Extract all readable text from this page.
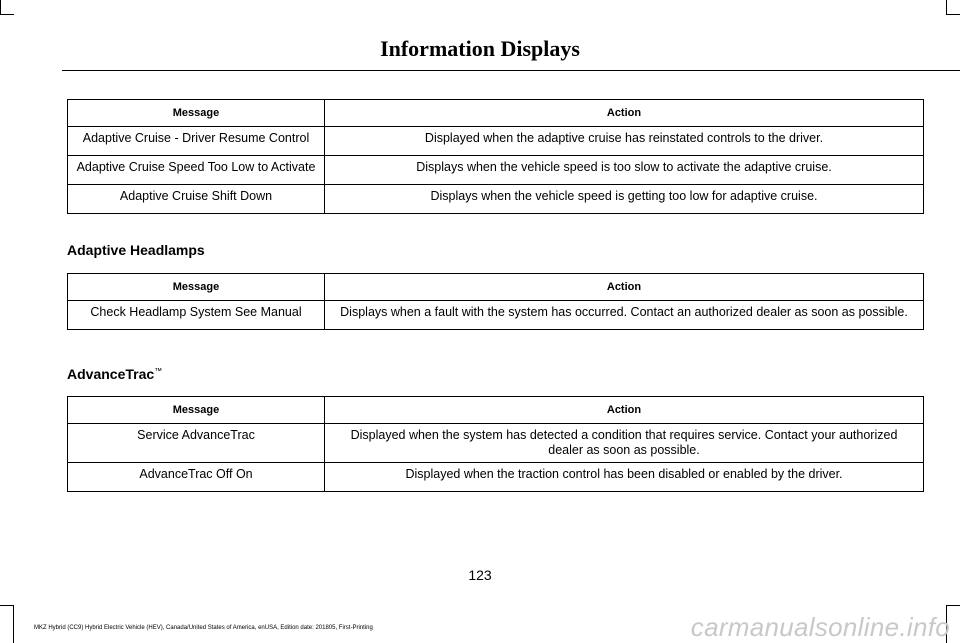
Information Displays
Message	Action
Adaptive Cruise - Driver Resume Control	Displayed when the adaptive cruise has reinstated controls to the driver.
Adaptive Cruise Speed Too Low to Activate	Displays when the vehicle speed is too slow to activate the adaptive cruise.
Adaptive Cruise Shift Down	Displays when the vehicle speed is getting too low for adaptive cruise.
Adaptive Headlamps
Message	Action
Check Headlamp System See Manual	Displays when a fault with the system has occurred. Contact an authorized dealer as soon as possible.
AdvanceTrac™
Message	Action
Service AdvanceTrac	Displayed when the system has detected a condition that requires service. Contact your authorized dealer as soon as possible.
AdvanceTrac Off On	Displayed when the traction control has been disabled or enabled by the driver.
123
MKZ Hybrid (CC9) Hybrid Electric Vehicle (HEV), Canada/United States of America, enUSA, Edition date: 201805, First-Printing	carmanualsonline.info
